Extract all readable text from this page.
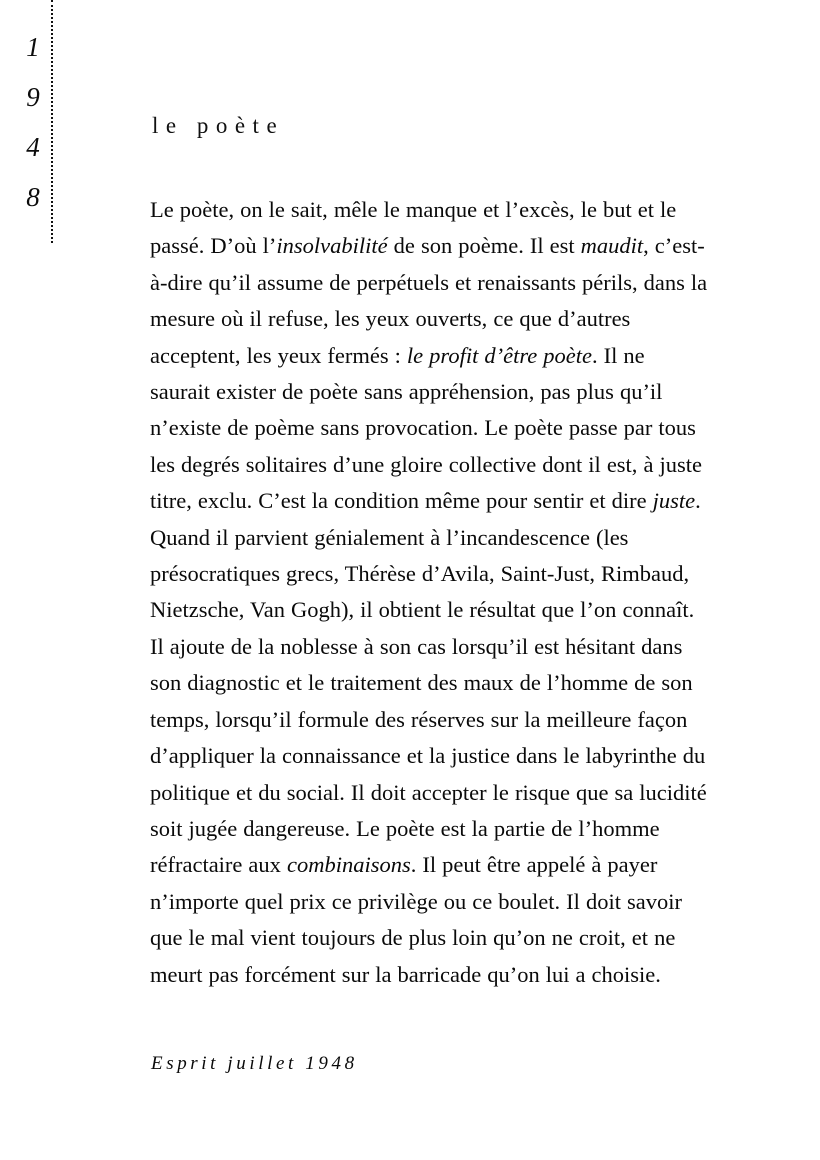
1
9
4
8
le poète

Le poète, on le sait, mêle le manque et l’excès, le but et le passé. D’où l’insolvabilité de son poème. Il est maudit, c’est-à-dire qu’il assume de perpétuels et renaissants périls, dans la mesure où il refuse, les yeux ouverts, ce que d’autres acceptent, les yeux fermés : le profit d’être poète. Il ne saurait exister de poète sans appréhension, pas plus qu’il n’existe de poème sans provocation. Le poète passe par tous les degrés solitaires d’une gloire collective dont il est, à juste titre, exclu. C’est la condition même pour sentir et dire juste. Quand il parvient génialement à l’incandescence (les présocratiques grecs, Thérèse d’Avila, Saint-Just, Rimbaud, Nietzsche, Van Gogh), il obtient le résultat que l’on connaît. Il ajoute de la noblesse à son cas lorsqu’il est hésitant dans son diagnostic et le traitement des maux de l’homme de son temps, lorsqu’il formule des réserves sur la meilleure façon d’appliquer la connaissance et la justice dans le labyrinthe du politique et du social. Il doit accepter le risque que sa lucidité soit jugée dangereuse. Le poète est la partie de l’homme réfractaire aux combinaisons. Il peut être appelé à payer n’importe quel prix ce privilège ou ce boulet. Il doit savoir que le mal vient toujours de plus loin qu’on ne croit, et ne meurt pas forcément sur la barricade qu’on lui a choisie.

Esprit juillet 1948
